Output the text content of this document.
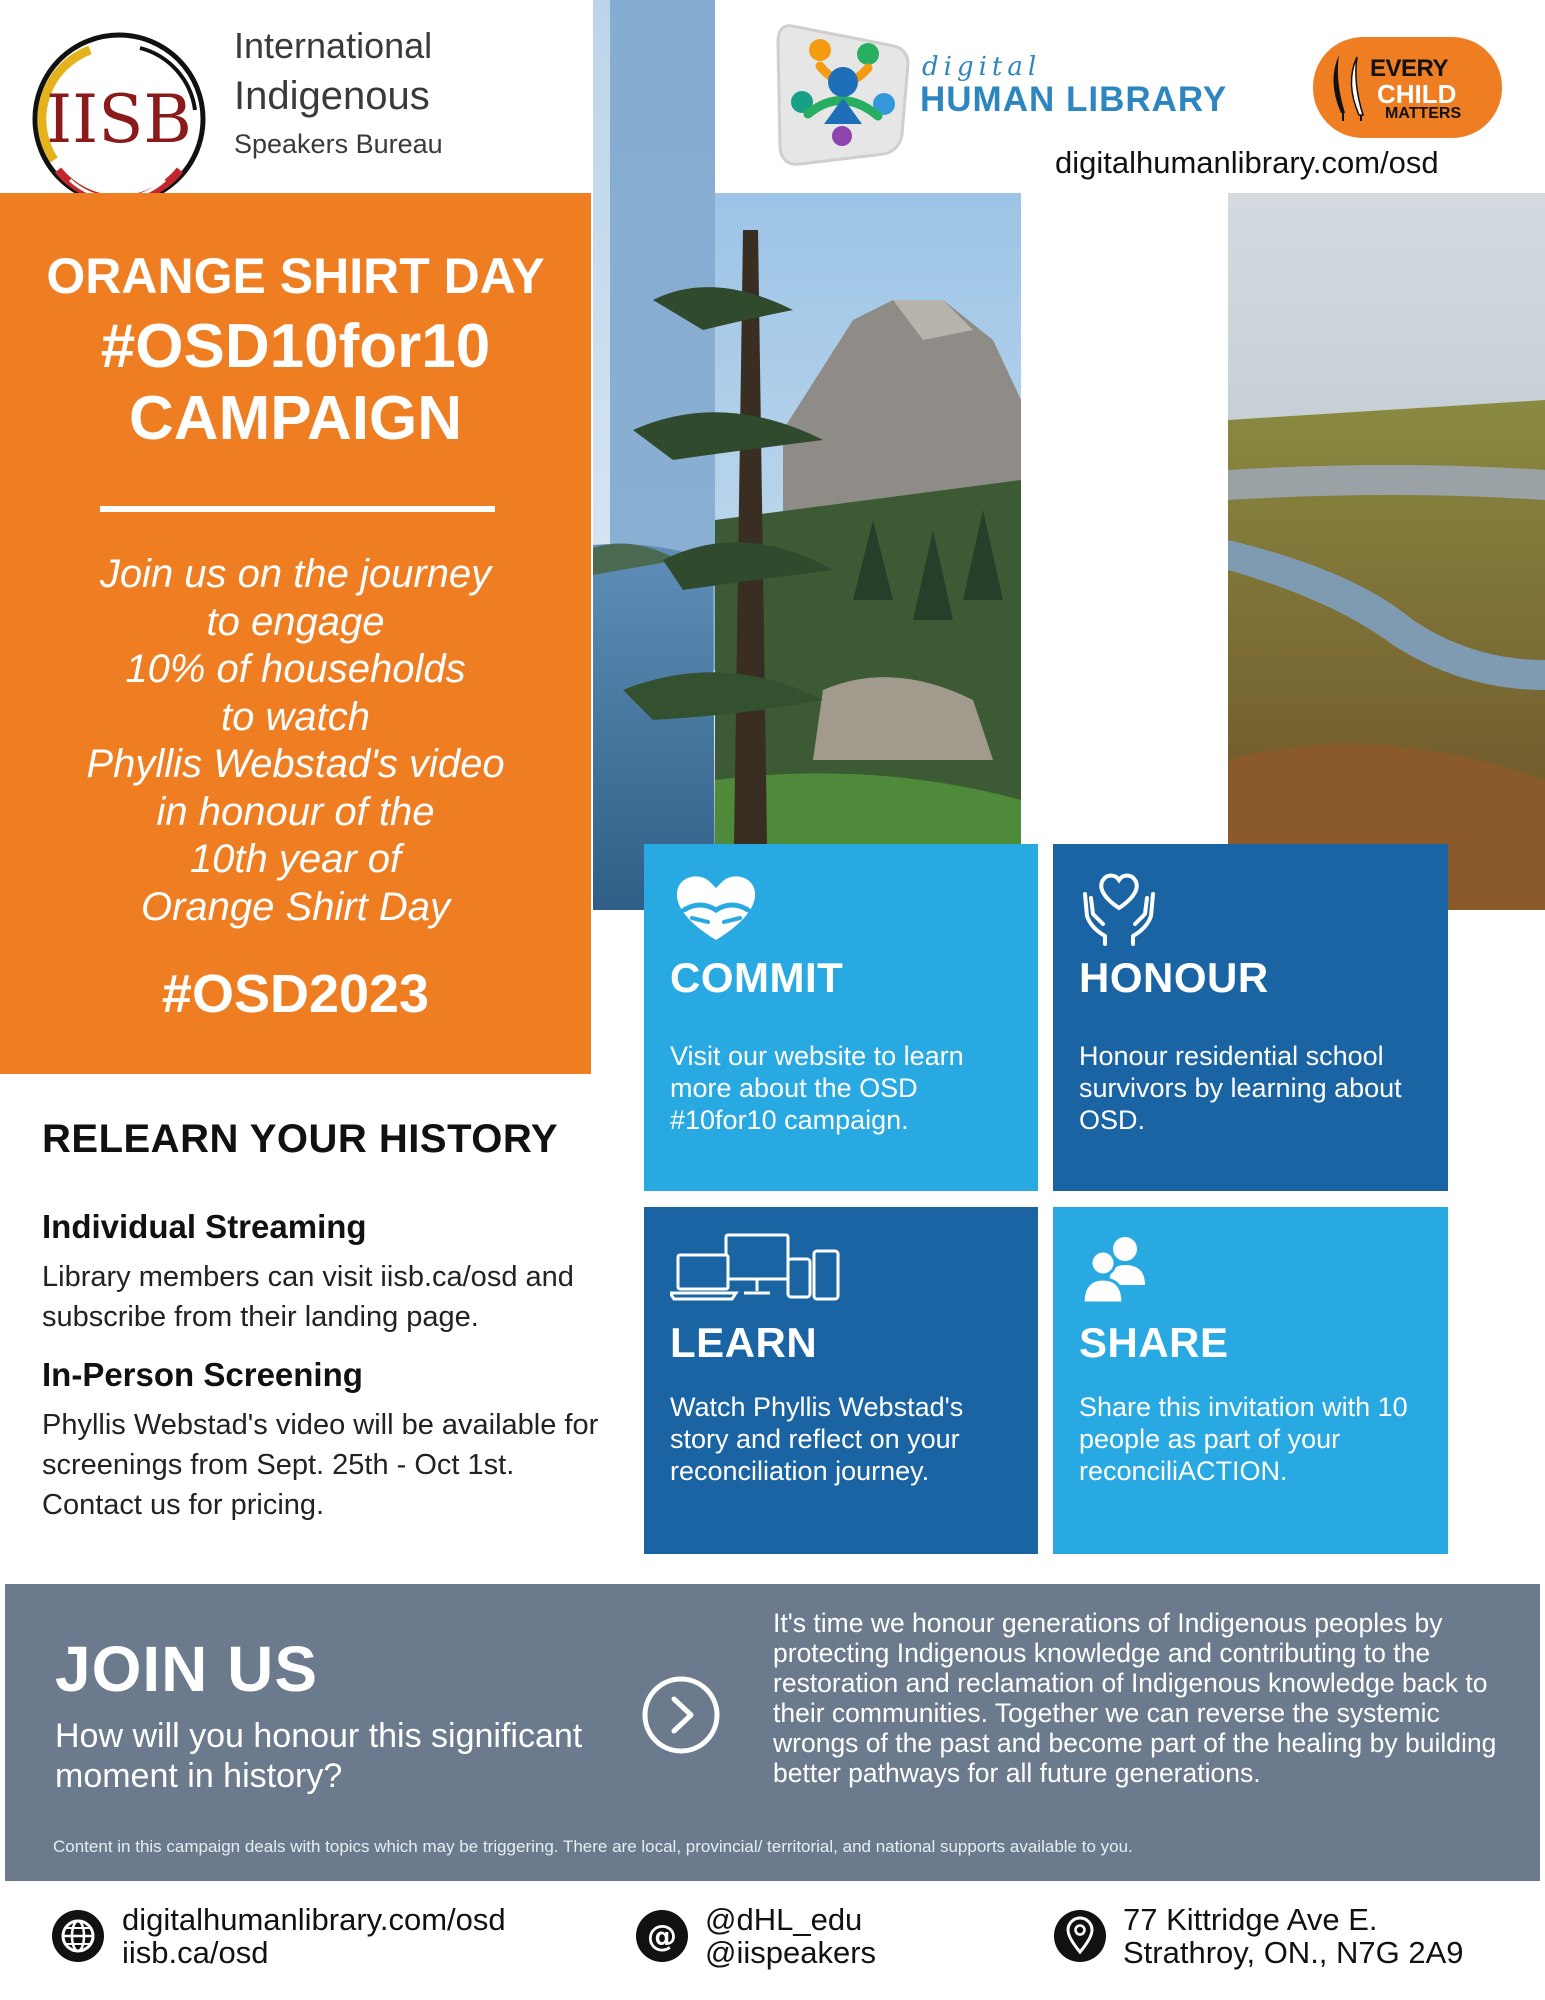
IISB
International
Indigenous
Speakers Bureau
digital
HUMAN LIBRARY
EVERY
CHILD
MATTERS
digitalhumanlibrary.com/osd
ORANGE SHIRT DAY
#OSD10for10
CAMPAIGN
Join us on the journey
to engage
10% of households
to watch
Phyllis Webstad's video
in honour of the
10th year of
Orange Shirt Day
#OSD2023	COMMIT
Visit our website to learn more about the OSD #10for10 campaign.
HONOUR
Honour residential school survivors by learning about OSD.
LEARN
Watch Phyllis Webstad's story and reflect on your reconciliation journey.
SHARE
Share this invitation with 10 people as part of your reconciliACTION.
RELEARN YOUR HISTORY
Individual Streaming
Library members can visit iisb.ca/osd and subscribe from their landing page.
In-Person Screening
Phyllis Webstad's video will be available for screenings from Sept. 25th - Oct 1st. Contact us for pricing.
JOIN US
How will you honour this significant moment in history?
It's time we honour generations of Indigenous peoples by protecting Indigenous knowledge and contributing to the restoration and reclamation of Indigenous knowledge back to their communities. Together we can reverse the systemic wrongs of the past and become part of the healing by building better pathways for all future generations.
Content in this campaign deals with topics which may be triggering. There are local, provincial/ territorial, and national supports available to you.
digitalhumanlibrary.com/osd
iisb.ca/osd	@ @dHL_edu
@iispeakers
77 Kittridge Ave E.
Strathroy, ON., N7G 2A9
